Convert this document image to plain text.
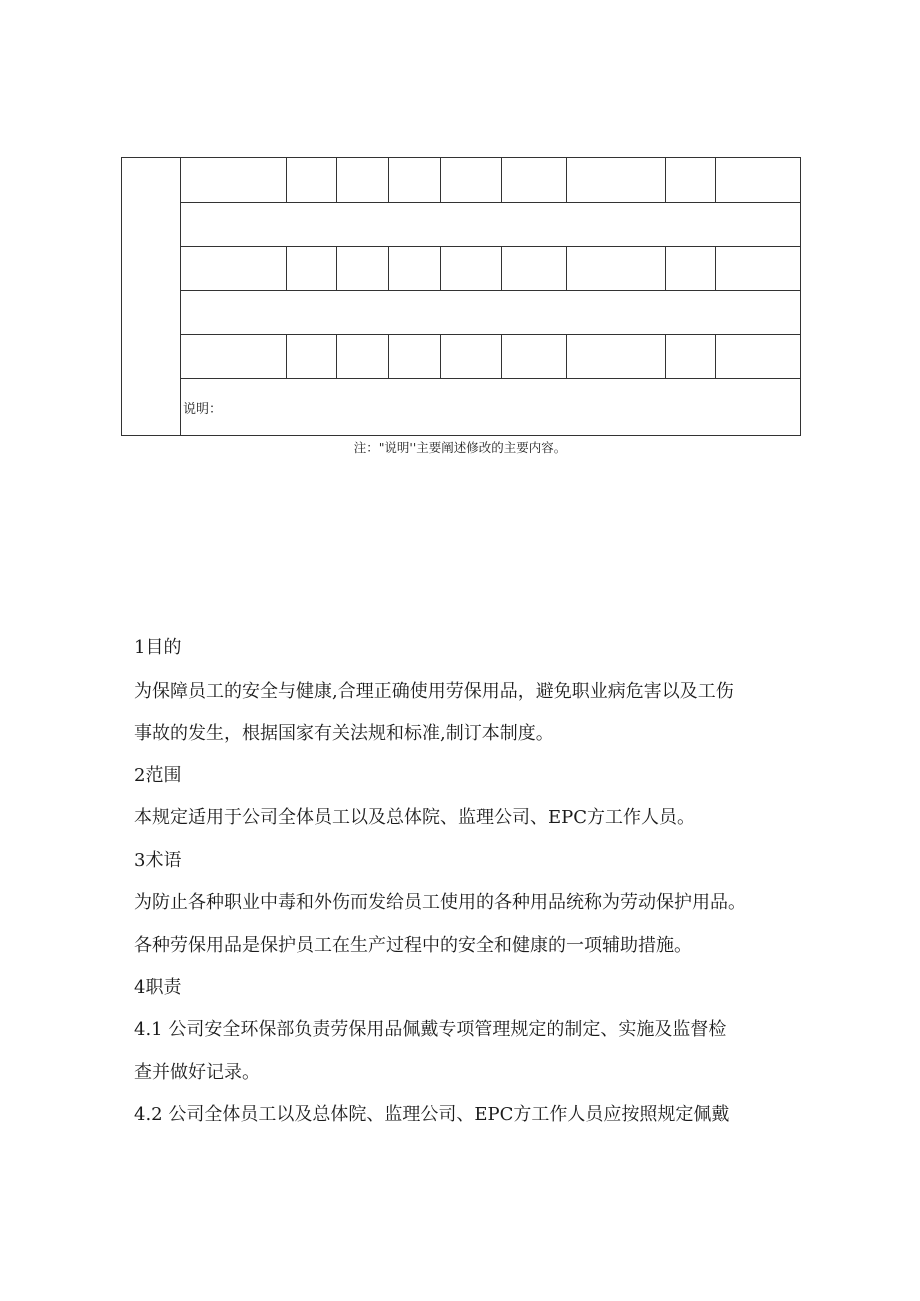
	说明：								
注："说明''主要阐述修改的主要内容。
1目的
为保障员工的安全与健康,合理正确使用劳保用品，避免职业病危害以及工伤
事故的发生，根据国家有关法规和标准,制订本制度。
2范围
本规定适用于公司全体员工以及总体院、监理公司、EPC方工作人员。
3术语
为防止各种职业中毒和外伤而发给员工使用的各种用品统称为劳动保护用品。
各种劳保用品是保护员工在生产过程中的安全和健康的一项辅助措施。
4职责
4.1 公司安全环保部负责劳保用品佩戴专项管理规定的制定、实施及监督检
查并做好记录。
4.2 公司全体员工以及总体院、监理公司、EPC方工作人员应按照规定佩戴
